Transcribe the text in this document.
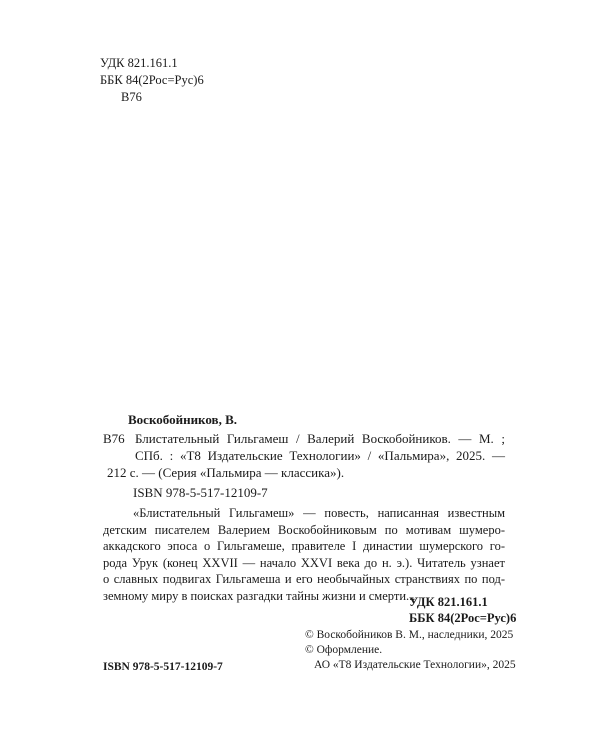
УДК 821.161.1
ББК 84(2Рос=Рус)6
В76
Воскобойников, В.
В76 Блистательный Гильгамеш / Валерий Воскобойников. — М. ;
СПб. : «Т8 Издательские Технологии» / «Пальмира», 2025. —
212 с. — (Серия «Пальмира — классика»).
ISBN 978-5-517-12109-7
«Блистательный Гильгамеш» — повесть, написанная известным
детским писателем Валерием Воскобойниковым по мотивам шумеро-
аккадского эпоса о Гильгамеше, правителе I династии шумерского го-
рода Урук (конец XXVII — начало XXVI века до н. э.). Читатель узнает
о славных подвигах Гильгамеша и его необычайных странствиях по под-
земному миру в поисках разгадки тайны жизни и смерти...
УДК 821.161.1
ББК 84(2Рос=Рус)6
ISBN 978-5-517-12109-7
© Воскобойников В. М., наследники, 2025
© Оформление.
АО «Т8 Издательские Технологии», 2025
